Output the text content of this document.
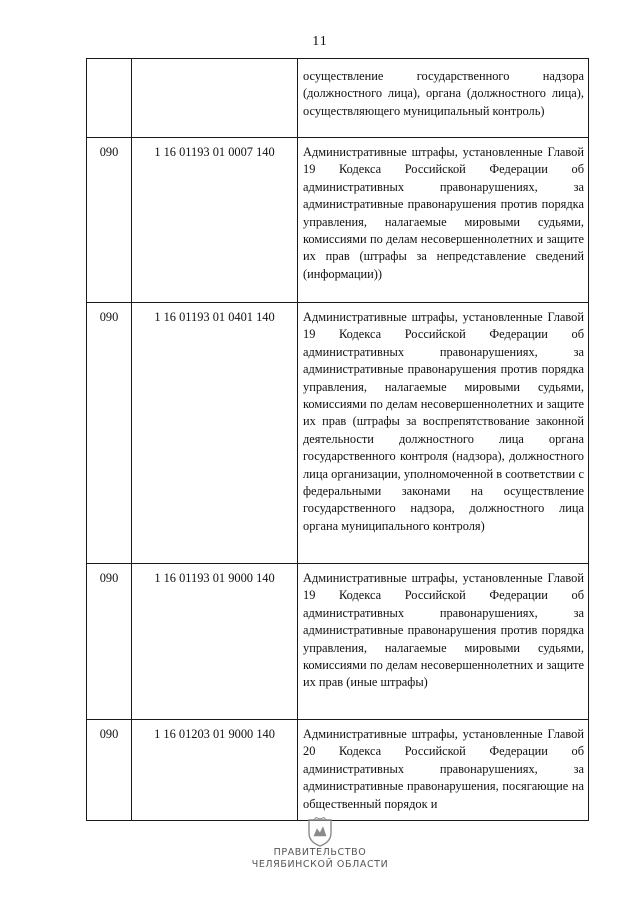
11

		осуществление государственного надзора (должностного лица), органа (должностного лица), осуществляющего муниципальный контроль)

090	1 16 01193 01 0007 140	Административные штрафы, установленные Главой 19 Кодекса Российской Федерации об административных правонарушениях, за административные правонарушения против порядка управления, налагаемые мировыми судьями, комиссиями по делам несовершеннолетних и защите их прав (штрафы за непредставление сведений (информации))

090	1 16 01193 01 0401 140	Административные штрафы, установленные Главой 19 Кодекса Российской Федерации об административных правонарушениях, за административные правонарушения против порядка управления, налагаемые мировыми судьями, комиссиями по делам несовершеннолетних и защите их прав (штрафы за воспрепятствование законной деятельности должностного лица органа государственного контроля (надзора), должностного лица организации, уполномоченной в соответствии с федеральными законами на осуществление государственного надзора, должностного лица органа муниципального контроля)

090	1 16 01193 01 9000 140	Административные штрафы, установленные Главой 19 Кодекса Российской Федерации об административных правонарушениях, за административные правонарушения против порядка управления, налагаемые мировыми судьями, комиссиями по делам несовершеннолетних и защите их прав (иные штрафы)

090	1 16 01203 01 9000 140	Административные штрафы, установленные Главой 20 Кодекса Российской Федерации об административных правонарушениях, за административные правонарушения, посягающие на общественный порядок и

ПРАВИТЕЛЬСТВО
ЧЕЛЯБИНСКОЙ ОБЛАСТИ
